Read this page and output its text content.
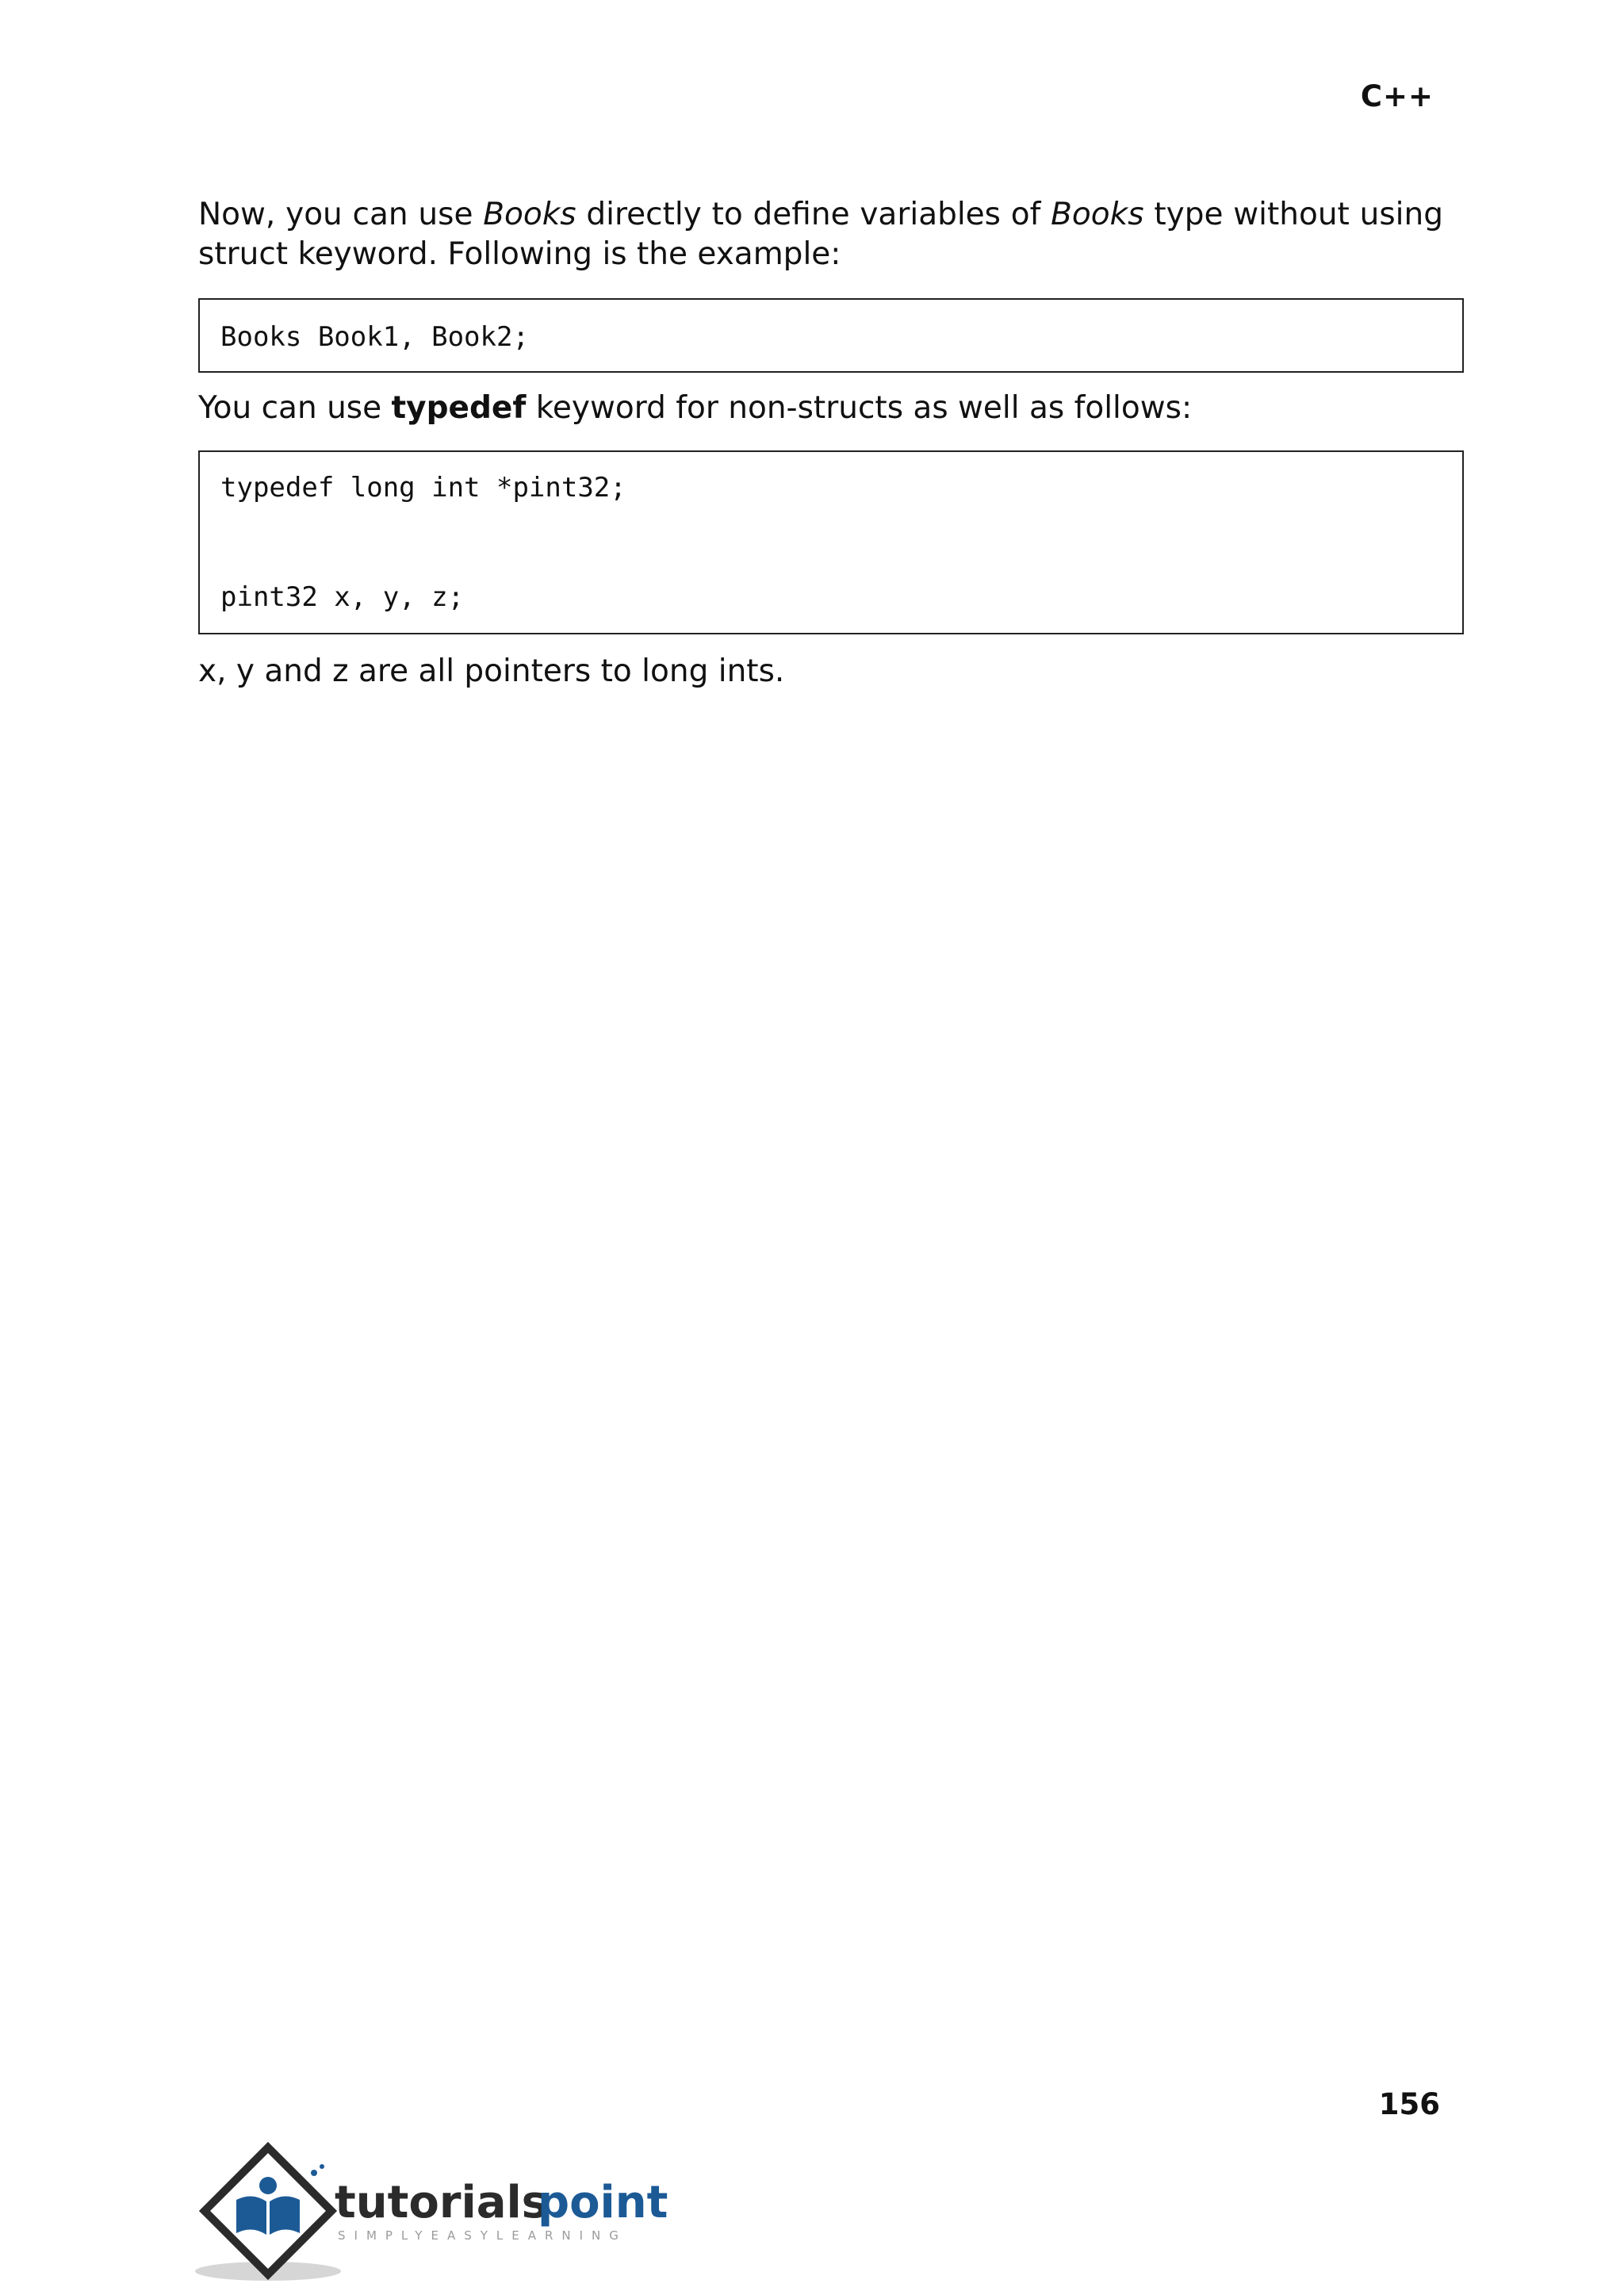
C++

Now, you can use Books directly to define variables of Books type without using struct keyword. Following is the example:

Books Book1, Book2;

You can use typedef keyword for non-structs as well as follows:

typedef long int *pint32;
pint32 x, y, z;

x, y and z are all pointers to long ints.

156
tutorials
point
SIMPLYEASYLEARNING
